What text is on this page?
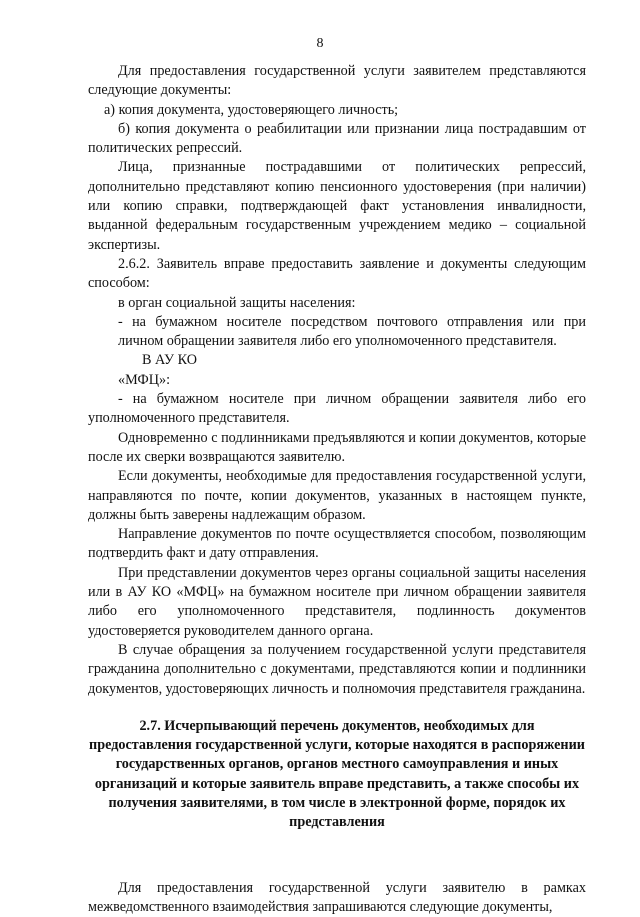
8

Для предоставления государственной услуги заявителем представляются следующие документы:

а) копия документа, удостоверяющего личность;

б) копия документа о реабилитации или признании лица пострадавшим от политических репрессий.

Лица, признанные пострадавшими от политических репрессий, дополнительно представляют копию пенсионного удостоверения (при наличии) или копию справки, подтверждающей факт установления инвалидности, выданной федеральным государственным учреждением медико – социальной экспертизы.

2.6.2. Заявитель вправе предоставить заявление и документы следующим способом:

в орган социальной защиты населения:

- на бумажном носителе посредством почтового отправления или при личном обращении заявителя либо его уполномоченного представителя.

В АУ КО

«МФЦ»:

- на бумажном носителе при личном обращении заявителя либо его уполномоченного представителя.

Одновременно с подлинниками предъявляются и копии документов, которые после их сверки возвращаются заявителю.

Если документы, необходимые для предоставления государственной услуги, направляются по почте, копии документов, указанных в настоящем пункте, должны быть заверены надлежащим образом.

Направление документов по почте осуществляется способом, позволяющим подтвердить факт и дату отправления.

При представлении документов через органы социальной защиты населения или в АУ КО «МФЦ» на бумажном носителе при личном обращении заявителя либо его уполномоченного представителя, подлинность документов удостоверяется руководителем данного органа.

В случае обращения за получением государственной услуги представителя гражданина дополнительно с документами, представляются копии и подлинники документов, удостоверяющих личность и полномочия представителя гражданина.

2.7. Исчерпывающий перечень документов, необходимых для предоставления государственной услуги, которые находятся в распоряжении государственных органов, органов местного самоуправления и иных организаций и которые заявитель вправе представить, а также способы их получения заявителями, в том числе в электронной форме, порядок их представления

Для предоставления государственной услуги заявителю в рамках межведомственного взаимодействия запрашиваются следующие документы,
